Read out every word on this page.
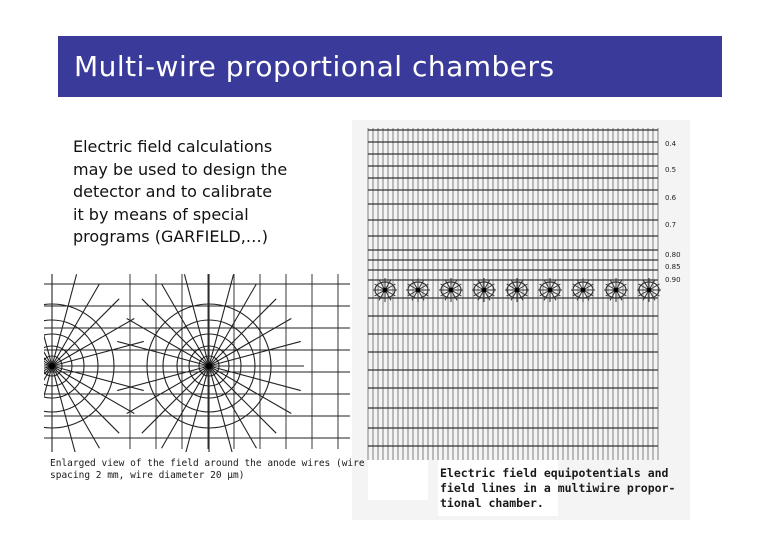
Multi-wire proportional chambers

Electric field calculations
may be used to design the
detector and to calibrate
it by means of special
programs (GARFIELD,…)

0.4
0.5
0.6
0.7
0.80
0.85
0.90
Enlarged view of the field around the anode wires (wire
spacing 2 mm, wire diameter 20 µm)	Electric field equipotentials and
field lines in a multiwire propor-
tional chamber.
